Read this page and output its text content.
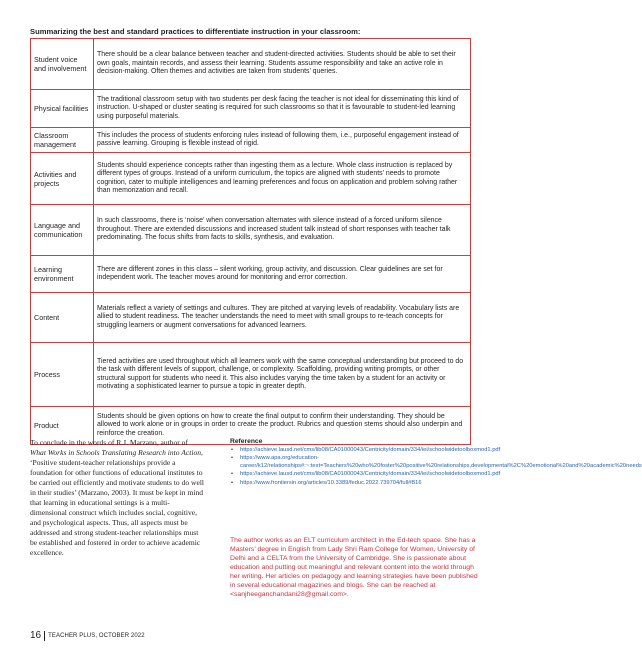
Summarizing the best and standard practices to differentiate instruction in your classroom:
Student voice and involvement	There should be a clear balance between teacher and student-directed activities. Students should be able to set their own goals, maintain records, and assess their learning. Students assume responsibility and take an active role in decision-making. Often themes and activities are taken from students’ queries.
Physical facilities	The traditional classroom setup with two students per desk facing the teacher is not ideal for disseminating this kind of instruction. U-shaped or cluster seating is required for such classrooms so that it is favourable to student-led learning using purposeful materials.
Classroom management	This includes the process of students enforcing rules instead of following them, i.e., purposeful engagement instead of passive learning. Grouping is flexible instead of rigid.
Activities and projects	Students should experience concepts rather than ingesting them as a lecture. Whole class instruction is replaced by different types of groups. Instead of a uniform curriculum, the topics are aligned with students’ needs to promote cognition, cater to multiple intelligences and learning preferences and focus on application and problem solving rather than memorization and recall.
Language and communication	In such classrooms, there is ‘noise’ when conversation alternates with silence instead of a forced uniform silence throughout. There are extended discussions and increased student talk instead of short responses with teacher talk predominating. The focus shifts from facts to skills, synthesis, and evaluation.
Learning environment	There are different zones in this class – silent working, group activity, and discussion. Clear guidelines are set for independent work. The teacher moves around for monitoring and error correction.
Content	Materials reflect a variety of settings and cultures. They are pitched at varying levels of readability. Vocabulary lists are allied to student readiness. The teacher understands the need to meet with small groups to re-teach concepts for struggling learners or augment conversations for advanced learners.
Process	Tiered activities are used throughout which all learners work with the same conceptual understanding but proceed to do the task with different levels of support, challenge, or complexity. Scaffolding, providing writing prompts, or other structural support for students who need it. This also includes varying the time taken by a student for an activity or motivating a sophisticated learner to pursue a topic in greater depth.
Product	Students should be given options on how to create the final output to confirm their understanding. They should be allowed to work alone or in groups in order to create the product. Rubrics and question stems should also underpin and reinforce the creation.
To conclude in the words of R.J. Marzano, author of What Works in Schools Translating Research into Action, ‘Positive student-teacher relationships provide a foundation for other functions of educational institutes to be carried out efficiently and motivate students to do well in their studies’ (Marzano, 2003). It must be kept in mind that learning in educational settings is a multi-dimensional construct which includes social, cognitive, and psychological aspects. Thus, all aspects must be addressed and strong student-teacher relationships must be established and fostered in order to achieve academic excellence.
Reference
• https://achieve.lausd.net/cms/lib08/CA01000043/Centricity/domain/334/iei/schoolwidetoolboxmod1.pdf
• https://www.apa.org/education-career/k12/relationships#:~:text=Teachers%20who%20foster%20positive%20relationships,developmental%2C%20emotional%20and%20academic%20needs
• https://achieve.lausd.net/cms/lib08/CA01000043/Centricity/domain/334/iei/schoolwidetoolboxmod1.pdf
• https://www.frontiersin.org/articles/10.3389/feduc.2022.739704/full#B16
The author works as an ELT curriculum architect in the Ed-tech space. She has a Masters’ degree in English from Lady Shri Ram College for Women, University of Delhi and a CELTA from the University of Cambridge. She is passionate about education and putting out meaningful and relevant content into the world through her writing. Her articles on pedagogy and learning strategies have been published in several educational magazines and blogs. She can be reached at <sanjheeganchandani28@gmail.com>.
16 TEACHER PLUS, OCTOBER 2022
